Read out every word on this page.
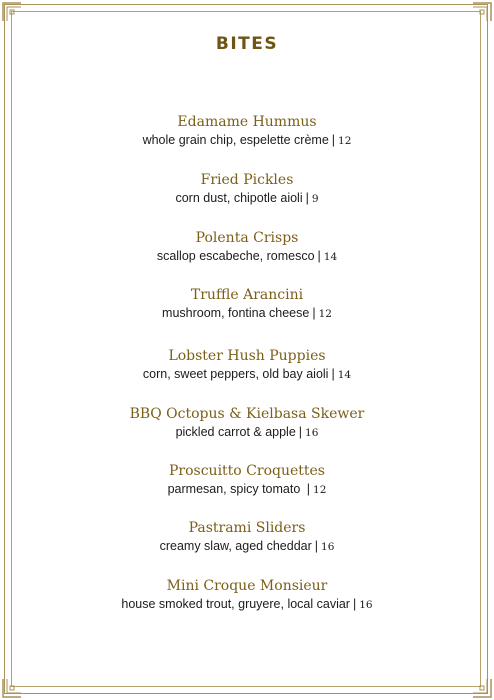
BITES
Edamame Hummus
whole grain chip, espelette crème | 12
Fried Pickles
corn dust, chipotle aioli | 9
Polenta Crisps
scallop escabeche, romesco | 14
Truffle Arancini
mushroom, fontina cheese | 12
Lobster Hush Puppies
corn, sweet peppers, old bay aioli | 14
BBQ Octopus & Kielbasa Skewer
pickled carrot & apple | 16
Proscuitto Croquettes
parmesan, spicy tomato | 12
Pastrami Sliders
creamy slaw, aged cheddar | 16
Mini Croque Monsieur
house smoked trout, gruyere, local caviar | 16
